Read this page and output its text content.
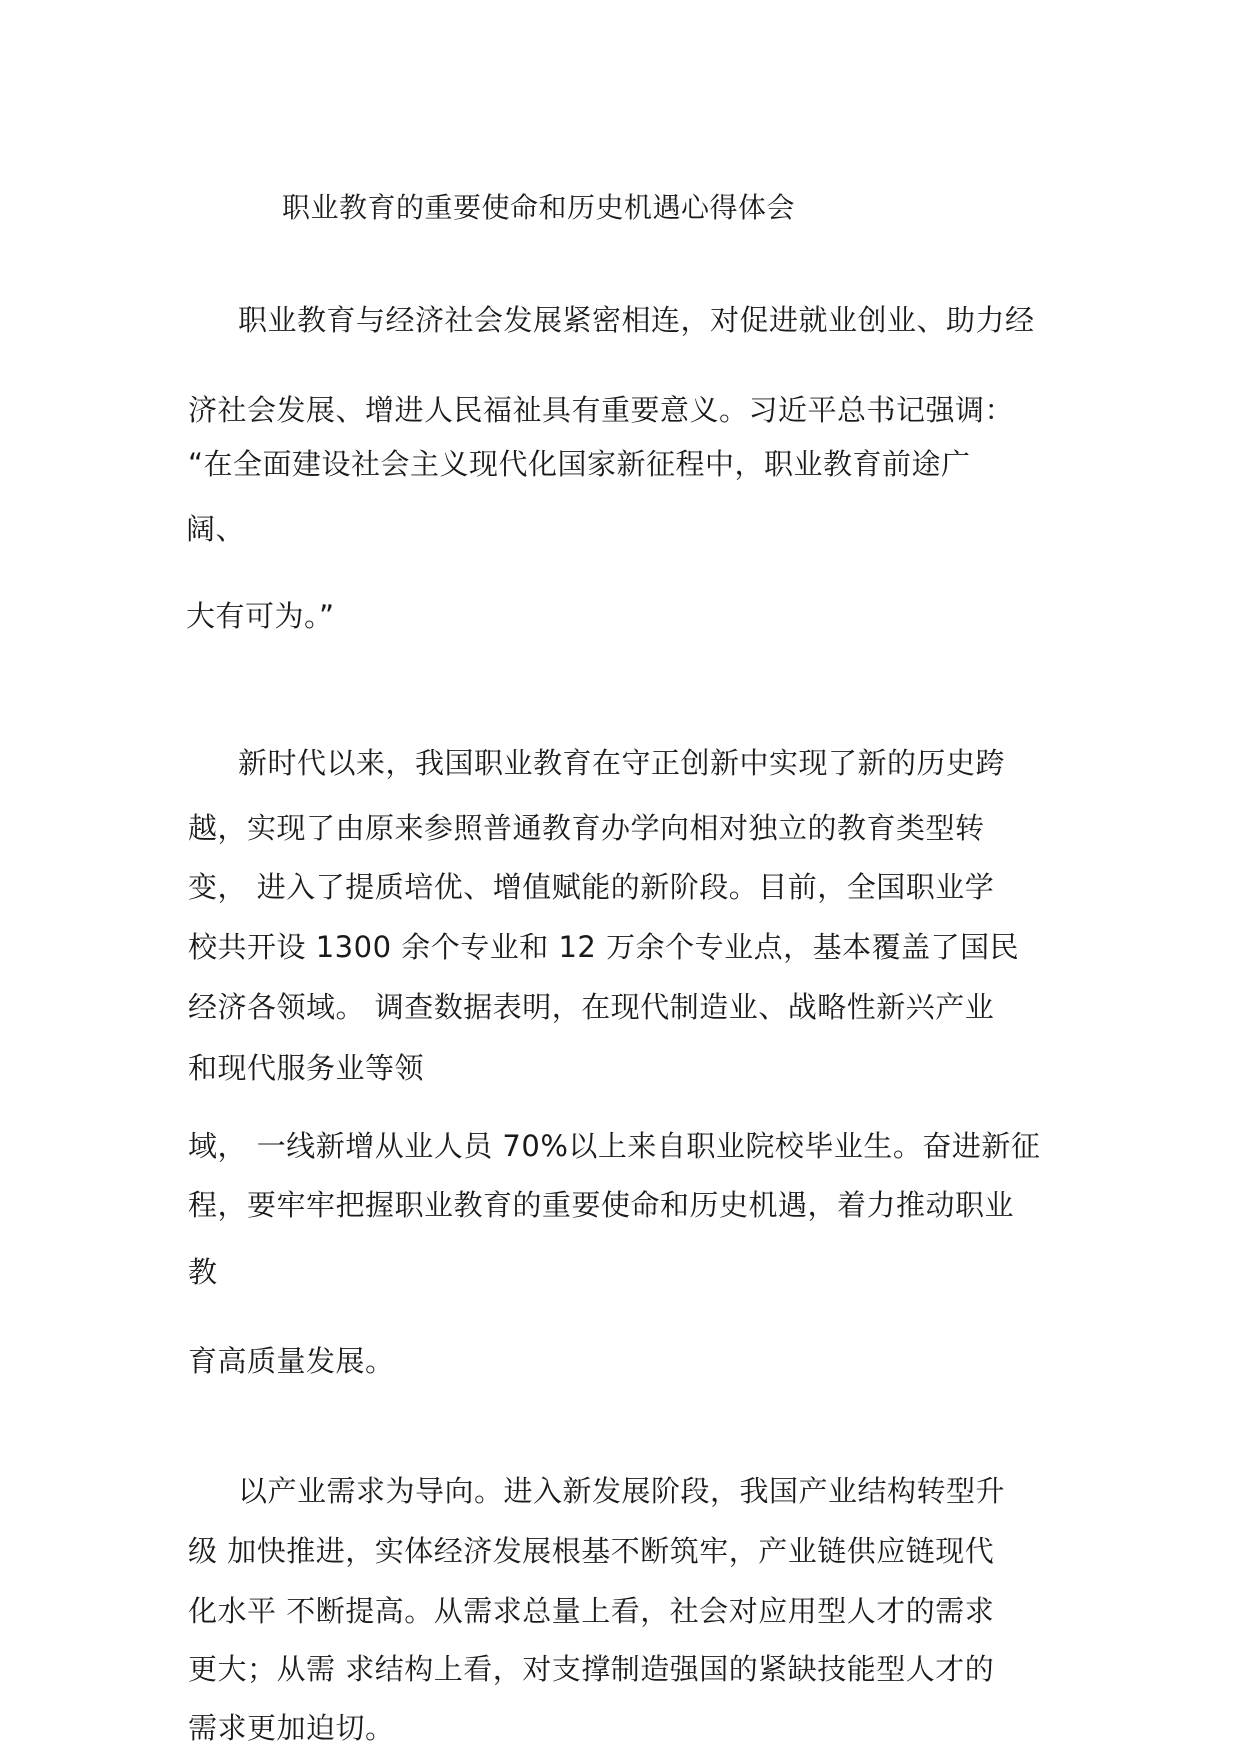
职业教育的重要使命和历史机遇心得体会
职业教育与经济社会发展紧密相连，对促进就业创业、助力经
济社会发展、增进人民福祉具有重要意义。习近平总书记强调：
“在全面建设社会主义现代化国家新征程中，职业教育前途广
阔、
大有可为。”
新时代以来，我国职业教育在守正创新中实现了新的历史跨
越，实现了由原来参照普通教育办学向相对独立的教育类型转
变， 进入了提质培优、增值赋能的新阶段。目前，全国职业学
校共开设 1300 余个专业和 12 万余个专业点，基本覆盖了国民
经济各领域。 调查数据表明，在现代制造业、战略性新兴产业
和现代服务业等领
域， 一线新增从业人员 70%以上来自职业院校毕业生。奋进新征
程，要牢牢把握职业教育的重要使命和历史机遇，着力推动职业
教
育高质量发展。
以产业需求为导向。进入新发展阶段，我国产业结构转型升
级 加快推进，实体经济发展根基不断筑牢，产业链供应链现代
化水平 不断提高。从需求总量上看，社会对应用型人才的需求
更大；从需 求结构上看，对支撑制造强国的紧缺技能型人才的
需求更加迫切。
